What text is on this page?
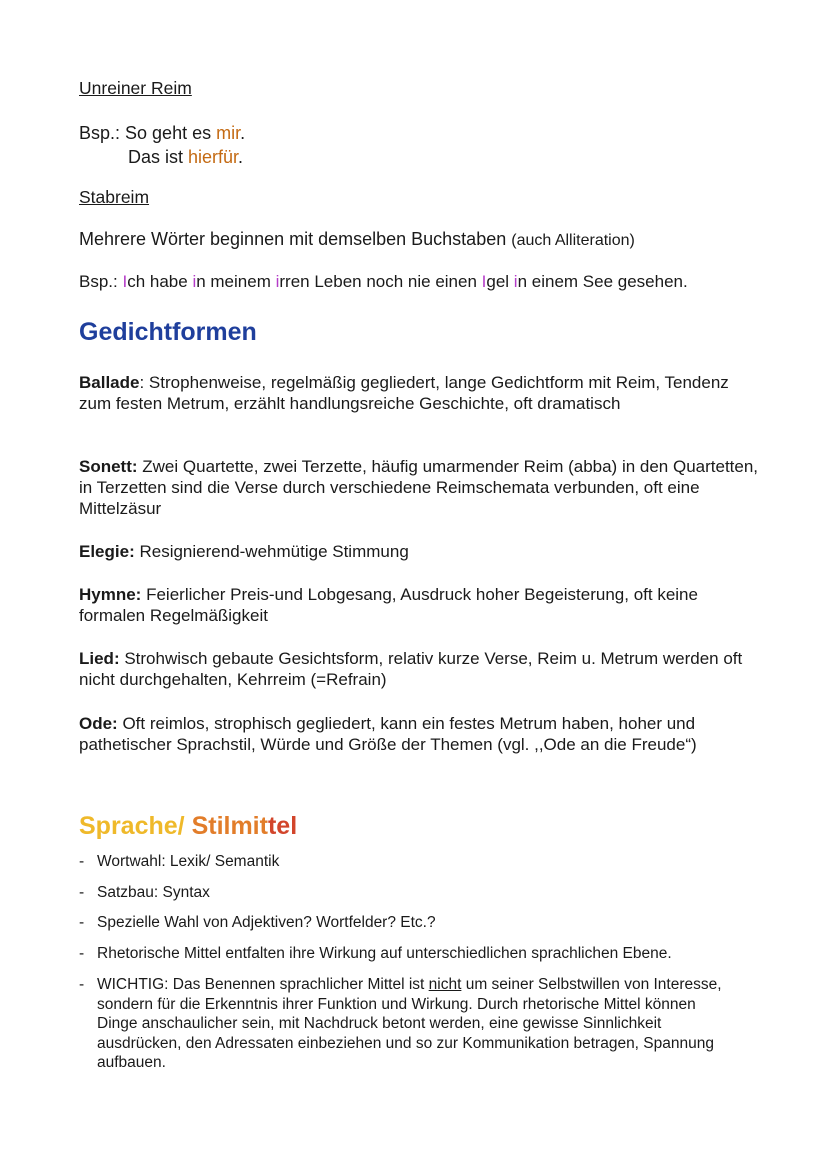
Unreiner Reim
Bsp.: So geht es mir.
Das ist hierfür.
Stabreim
Mehrere Wörter beginnen mit demselben Buchstaben (auch Alliteration)
Bsp.: Ich habe in meinem irren Leben noch nie einen Igel in einem See gesehen.
Gedichtformen
Ballade: Strophenweise, regelmäßig gegliedert, lange Gedichtform mit Reim, Tendenz zum festen Metrum, erzählt handlungsreiche Geschichte, oft dramatisch
Sonett: Zwei Quartette, zwei Terzette, häufig umarmender Reim (abba) in den Quartetten, in Terzetten sind die Verse durch verschiedene Reimschemata verbunden, oft eine Mittelzäsur
Elegie: Resignierend-wehmütige Stimmung
Hymne: Feierlicher Preis-und Lobgesang, Ausdruck hoher Begeisterung, oft keine formalen Regelmäßigkeit
Lied: Strohwisch gebaute Gesichtsform, relativ kurze Verse, Reim u. Metrum werden oft nicht durchgehalten, Kehrreim (=Refrain)
Ode: Oft reimlos, strophisch gegliedert, kann ein festes Metrum haben, hoher und pathetischer Sprachstil, Würde und Größe der Themen (vgl. ,,Ode an die Freude“)
Sprache/ Stilmittel
- Wortwahl: Lexik/ Semantik
- Satzbau: Syntax
- Spezielle Wahl von Adjektiven? Wortfelder? Etc.?
- Rhetorische Mittel entfalten ihre Wirkung auf unterschiedlichen sprachlichen Ebene.
- WICHTIG: Das Benennen sprachlicher Mittel ist nicht um seiner Selbstwillen von Interesse, sondern für die Erkenntnis ihrer Funktion und Wirkung. Durch rhetorische Mittel können Dinge anschaulicher sein, mit Nachdruck betont werden, eine gewisse Sinnlichkeit ausdrücken, den Adressaten einbeziehen und so zur Kommunikation betragen, Spannung aufbauen.
